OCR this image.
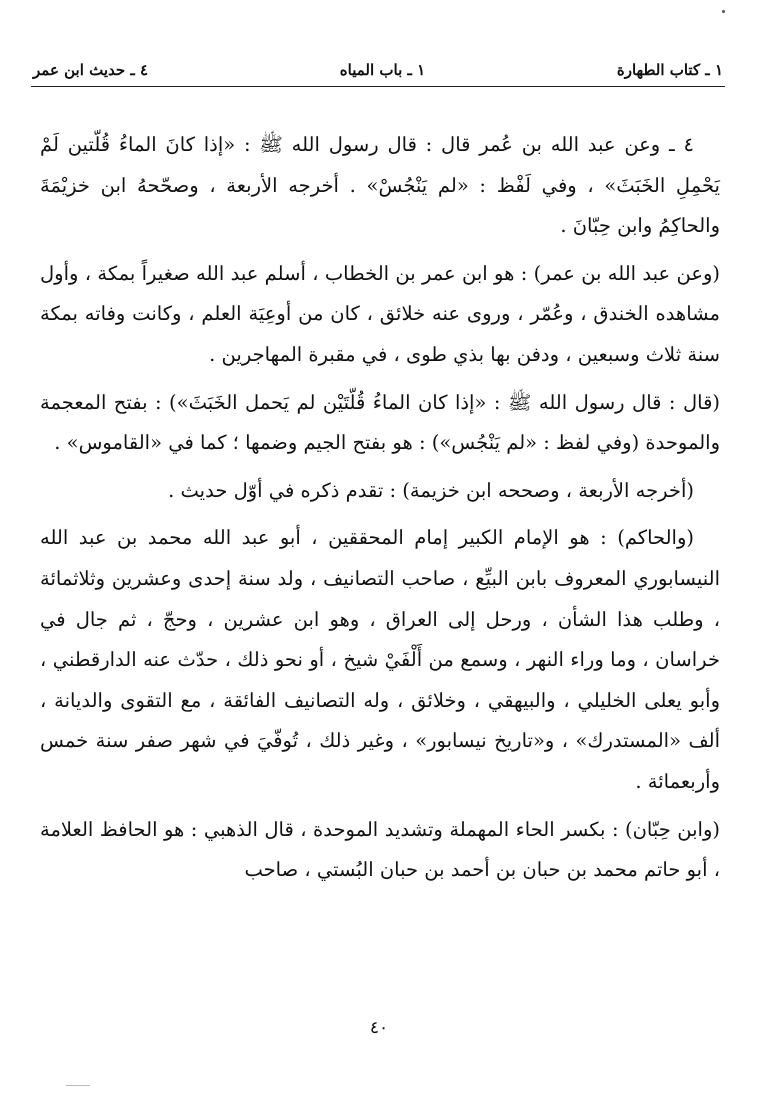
١ ـ كتاب الطهارة
١ ـ باب المياه
٤ ـ حديث ابن عمر

٤ ـ وعن عبد الله بن عُمر قال : قال رسول الله ﷺ : «إذا كانَ الماءُ قُلّتين لَمْ يَحْمِلِ الخَبَثَ» ، وفي لَفْظ : «لم يَنْجُسْ» . أخرجه الأربعة ، وصحّحهُ ابن خزيْمَةَ والحاكِمُ وابن حِبّانَ .

(وعن عبد الله بن عمر) : هو ابن عمر بن الخطاب ، أسلم عبد الله صغيراً بمكة ، وأول مشاهده الخندق ، وعُمّر ، وروى عنه خلائق ، كان من أوعِيَة العلم ، وكانت وفاته بمكة سنة ثلاث وسبعين ، ودفن بها بذي طوى ، في مقبرة المهاجرين .

(قال : قال رسول الله ﷺ : «إذا كان الماءُ قُلّتَيْن لم يَحمل الخَبَثَ») : بفتح المعجمة والموحدة (وفي لفظ : «لم يَنْجُس») : هو بفتح الجيم وضمها ؛ كما في «القاموس» .

(أخرجه الأربعة ، وصححه ابن خزيمة) : تقدم ذكره في أوّل حديث .

(والحاكم) : هو الإمام الكبير إمام المحققين ، أبو عبد الله محمد بن عبد الله النيسابوري المعروف بابن البيِّع ، صاحب التصانيف ، ولد سنة إحدى وعشرين وثلاثمائة ، وطلب هذا الشأن ، ورحل إلى العراق ، وهو ابن عشرين ، وحجّ ، ثم جال في خراسان ، وما وراء النهر ، وسمع من أَلْفَيْ شيخ ، أو نحو ذلك ، حدّث عنه الدارقطني ، وأبو يعلى الخليلي ، والبيهقي ، وخلائق ، وله التصانيف الفائقة ، مع التقوى والديانة ، ألف «المستدرك» ، و«تاريخ نيسابور» ، وغير ذلك ، تُوفّيَ في شهر صفر سنة خمس وأربعمائة .

(وابن حِبّان) : بكسر الحاء المهملة وتشديد الموحدة ، قال الذهبي : هو الحافظ العلامة ، أبو حاتم محمد بن حبان بن أحمد بن حبان البُستي ، صاحب

٤٠
